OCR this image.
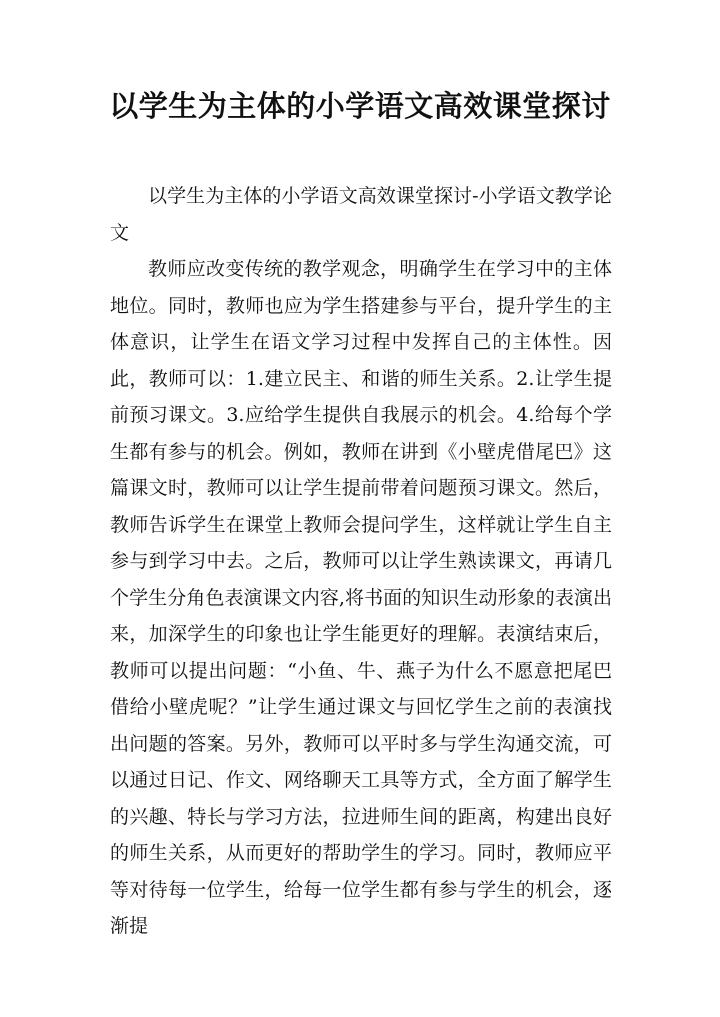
以学生为主体的小学语文高效课堂探讨

以学生为主体的小学语文高效课堂探讨-小学语文教学论文

教师应改变传统的教学观念，明确学生在学习中的主体地位。同时，教师也应为学生搭建参与平台，提升学生的主体意识，让学生在语文学习过程中发挥自己的主体性。因此，教师可以：1.建立民主、和谐的师生关系。2.让学生提前预习课文。3.应给学生提供自我展示的机会。4.给每个学生都有参与的机会。例如，教师在讲到《小壁虎借尾巴》这篇课文时，教师可以让学生提前带着问题预习课文。然后，教师告诉学生在课堂上教师会提问学生，这样就让学生自主参与到学习中去。之后，教师可以让学生熟读课文，再请几个学生分角色表演课文内容,将书面的知识生动形象的表演出来，加深学生的印象也让学生能更好的理解。表演结束后，教师可以提出问题：“小鱼、牛、燕子为什么不愿意把尾巴借给小壁虎呢？”让学生通过课文与回忆学生之前的表演找出问题的答案。另外，教师可以平时多与学生沟通交流，可以通过日记、作文、网络聊天工具等方式，全方面了解学生的兴趣、特长与学习方法，拉进师生间的距离，构建出良好的师生关系，从而更好的帮助学生的学习。同时，教师应平等对待每一位学生，给每一位学生都有参与学生的机会，逐渐提
